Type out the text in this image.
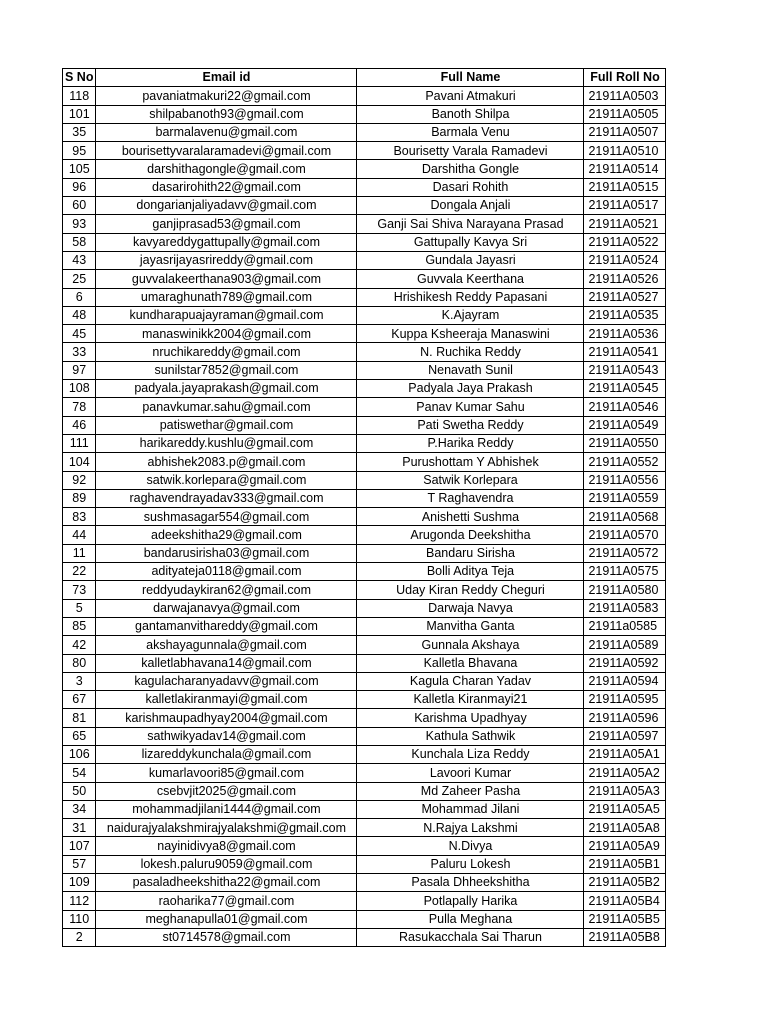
S No	Email id	Full Name	Full Roll No
118	pavaniatmakuri22@gmail.com	Pavani Atmakuri	21911A0503
101	shilpabanoth93@gmail.com	Banoth Shilpa	21911A0505
35	barmalavenu@gmail.com	Barmala Venu	21911A0507
95	bourisettyvaralaramadevi@gmail.com	Bourisetty Varala Ramadevi	21911A0510
105	darshithagongle@gmail.com	Darshitha Gongle	21911A0514
96	dasarirohith22@gmail.com	Dasari Rohith	21911A0515
60	dongarianjaliyadavv@gmail.com	Dongala Anjali	21911A0517
93	ganjiprasad53@gmail.com	Ganji Sai Shiva Narayana Prasad	21911A0521
58	kavyareddygattupally@gmail.com	Gattupally Kavya Sri	21911A0522
43	jayasrijayasrireddy@gmail.com	Gundala Jayasri	21911A0524
25	guvvalakeerthana903@gmail.com	Guvvala Keerthana	21911A0526
6	umaraghunath789@gmail.com	Hrishikesh Reddy Papasani	21911A0527
48	kundharapuajayraman@gmail.com	K.Ajayram	21911A0535
45	manaswinikk2004@gmail.com	Kuppa Ksheeraja Manaswini	21911A0536
33	nruchikareddy@gmail.com	N. Ruchika Reddy	21911A0541
97	sunilstar7852@gmail.com	Nenavath Sunil	21911A0543
108	padyala.jayaprakash@gmail.com	Padyala Jaya Prakash	21911A0545
78	panavkumar.sahu@gmail.com	Panav Kumar Sahu	21911A0546
46	patiswethar@gmail.com	Pati Swetha Reddy	21911A0549
111	harikareddy.kushlu@gmail.com	P.Harika Reddy	21911A0550
104	abhishek2083.p@gmail.com	Purushottam Y Abhishek	21911A0552
92	satwik.korlepara@gmail.com	Satwik Korlepara	21911A0556
89	raghavendrayadav333@gmail.com	T Raghavendra	21911A0559
83	sushmasagar554@gmail.com	Anishetti Sushma	21911A0568
44	adeekshitha29@gmail.com	Arugonda Deekshitha	21911A0570
11	bandarusirisha03@gmail.com	Bandaru Sirisha	21911A0572
22	adityateja0118@gmail.com	Bolli Aditya Teja	21911A0575
73	reddyudaykiran62@gmail.com	Uday Kiran Reddy Cheguri	21911A0580
5	darwajanavya@gmail.com	Darwaja Navya	21911A0583
85	gantamanvithareddy@gmail.com	Manvitha Ganta	21911a0585
42	akshayagunnala@gmail.com	Gunnala Akshaya	21911A0589
80	kalletlabhavana14@gmail.com	Kalletla Bhavana	21911A0592
3	kagulacharanyadavv@gmail.com	Kagula Charan Yadav	21911A0594
67	kalletlakiranmayi@gmail.com	Kalletla Kiranmayi21	21911A0595
81	karishmaupadhyay2004@gmail.com	Karishma Upadhyay	21911A0596
65	sathwikyadav14@gmail.com	Kathula Sathwik	21911A0597
106	lizareddykunchala@gmail.com	Kunchala Liza Reddy	21911A05A1
54	kumarlavoori85@gmail.com	Lavoori Kumar	21911A05A2
50	csebvjit2025@gmail.com	Md Zaheer Pasha	21911A05A3
34	mohammadjilani1444@gmail.com	Mohammad Jilani	21911A05A5
31	naidurajyalakshmirajyalakshmi@gmail.com	N.Rajya Lakshmi	21911A05A8
107	nayinidivya8@gmail.com	N.Divya	21911A05A9
57	lokesh.paluru9059@gmail.com	Paluru Lokesh	21911A05B1
109	pasaladheekshitha22@gmail.com	Pasala Dhheekshitha	21911A05B2
112	raoharika77@gmail.com	Potlapally Harika	21911A05B4
110	meghanapulla01@gmail.com	Pulla Meghana	21911A05B5
2	st0714578@gmail.com	Rasukacchala Sai Tharun	21911A05B8
